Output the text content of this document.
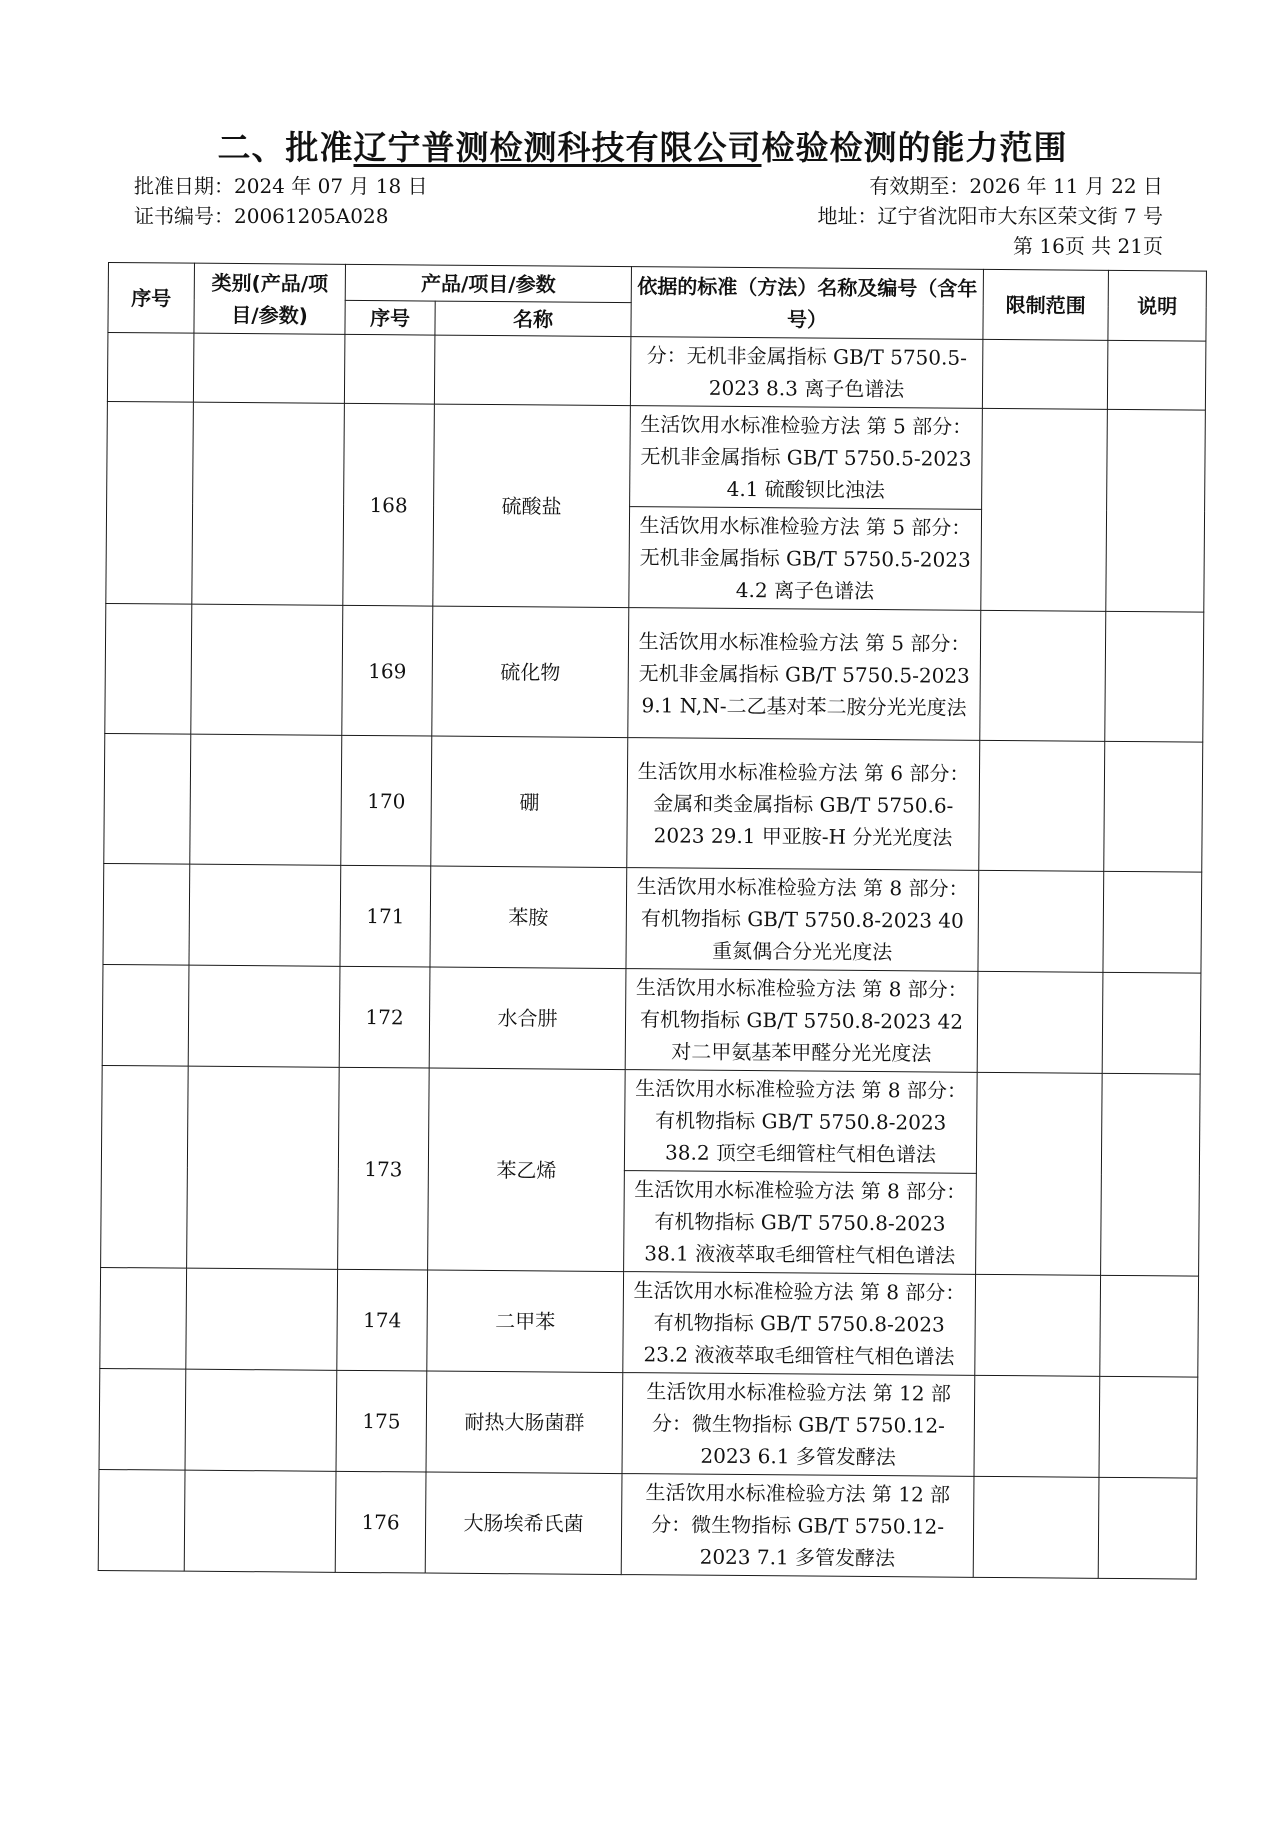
二、批准辽宁普测检测科技有限公司检验检测的能力范围
批准日期：2024 年 07 月 18 日	有效期至：2026 年 11 月 22 日
证书编号：20061205A028	地址：辽宁省沈阳市大东区荣文街 7 号
第 16页 共 21页
序号	类别(产品/项目/参数)	产品/项目/参数		依据的标准（方法）名称及编号（含年号）	限制范围	说明
		序号	名称			
				分：无机非金属指标 GB/T 5750.5-2023 8.3 离子色谱法		
		168	硫酸盐	生活饮用水标准检验方法 第 5 部分：无机非金属指标 GB/T 5750.5-2023 4.1 硫酸钡比浊法		
				生活饮用水标准检验方法 第 5 部分：无机非金属指标 GB/T 5750.5-2023 4.2 离子色谱法		
		169	硫化物	生活饮用水标准检验方法 第 5 部分：无机非金属指标 GB/T 5750.5-2023 9.1 N,N-二乙基对苯二胺分光光度法		
		170	硼	生活饮用水标准检验方法 第 6 部分：金属和类金属指标 GB/T 5750.6-2023 29.1 甲亚胺-H 分光光度法		
		171	苯胺	生活饮用水标准检验方法 第 8 部分：有机物指标 GB/T 5750.8-2023 40 重氮偶合分光光度法		
		172	水合肼	生活饮用水标准检验方法 第 8 部分：有机物指标 GB/T 5750.8-2023 42 对二甲氨基苯甲醛分光光度法		
		173	苯乙烯	生活饮用水标准检验方法 第 8 部分：有机物指标 GB/T 5750.8-2023 38.2 顶空毛细管柱气相色谱法		
				生活饮用水标准检验方法 第 8 部分：有机物指标 GB/T 5750.8-2023 38.1 液液萃取毛细管柱气相色谱法		
		174	二甲苯	生活饮用水标准检验方法 第 8 部分：有机物指标 GB/T 5750.8-2023 23.2 液液萃取毛细管柱气相色谱法		
		175	耐热大肠菌群	生活饮用水标准检验方法 第 12 部分：微生物指标 GB/T 5750.12-2023 6.1 多管发酵法		
		176	大肠埃希氏菌	生活饮用水标准检验方法 第 12 部分：微生物指标 GB/T 5750.12-2023 7.1 多管发酵法		
